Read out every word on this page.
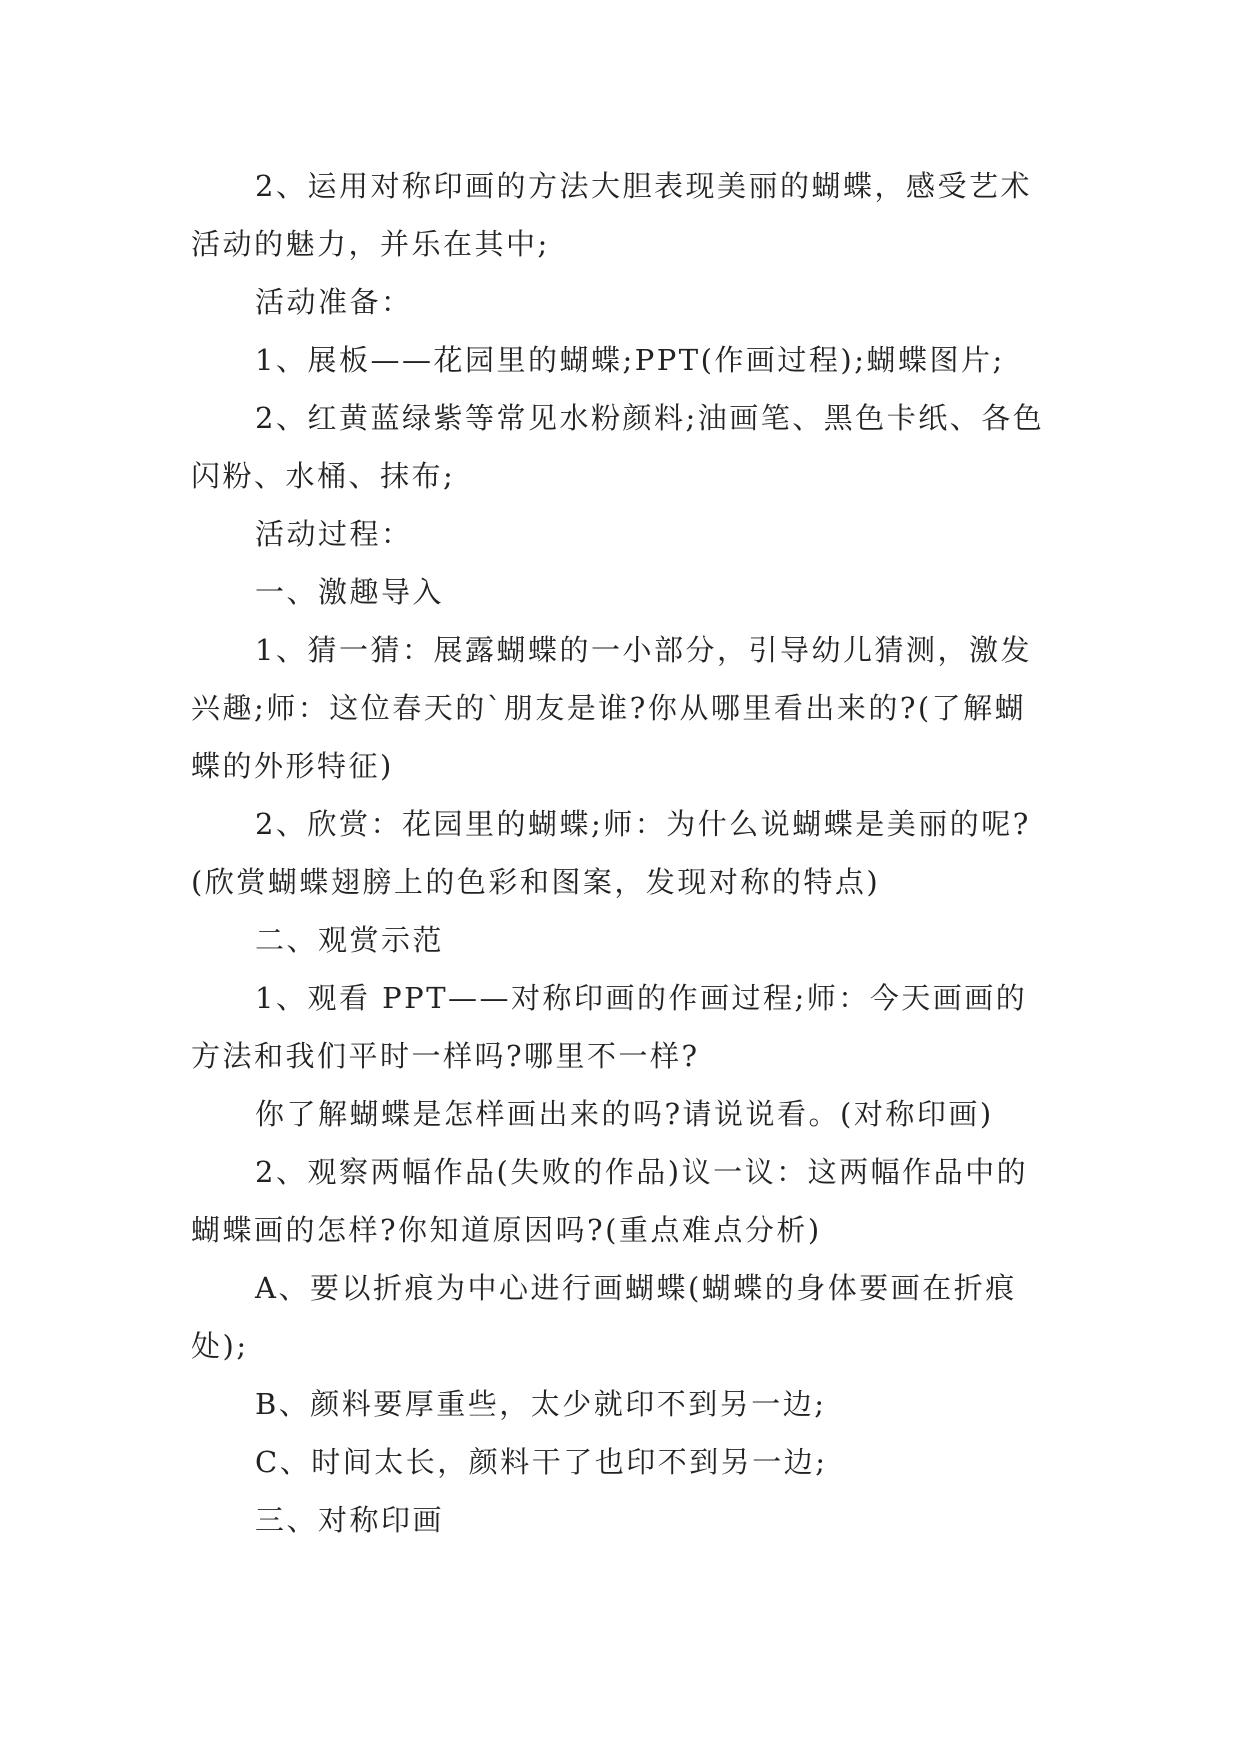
2、运用对称印画的方法大胆表现美丽的蝴蝶，感受艺术活动的魅力，并乐在其中;

活动准备：

1、展板——花园里的蝴蝶;PPT(作画过程);蝴蝶图片;

2、红黄蓝绿紫等常见水粉颜料;油画笔、黑色卡纸、各色闪粉、水桶、抹布;

活动过程：

一、激趣导入

1、猜一猜：展露蝴蝶的一小部分，引导幼儿猜测，激发兴趣;师：这位春天的`朋友是谁?你从哪里看出来的?(了解蝴蝶的外形特征)

2、欣赏：花园里的蝴蝶;师：为什么说蝴蝶是美丽的呢?(欣赏蝴蝶翅膀上的色彩和图案，发现对称的特点)

二、观赏示范

1、观看 PPT——对称印画的作画过程;师：今天画画的方法和我们平时一样吗?哪里不一样?

你了解蝴蝶是怎样画出来的吗?请说说看。(对称印画)

2、观察两幅作品(失败的作品)议一议：这两幅作品中的蝴蝶画的怎样?你知道原因吗?(重点难点分析)

A、要以折痕为中心进行画蝴蝶(蝴蝶的身体要画在折痕处);

B、颜料要厚重些，太少就印不到另一边;

C、时间太长，颜料干了也印不到另一边;

三、对称印画
